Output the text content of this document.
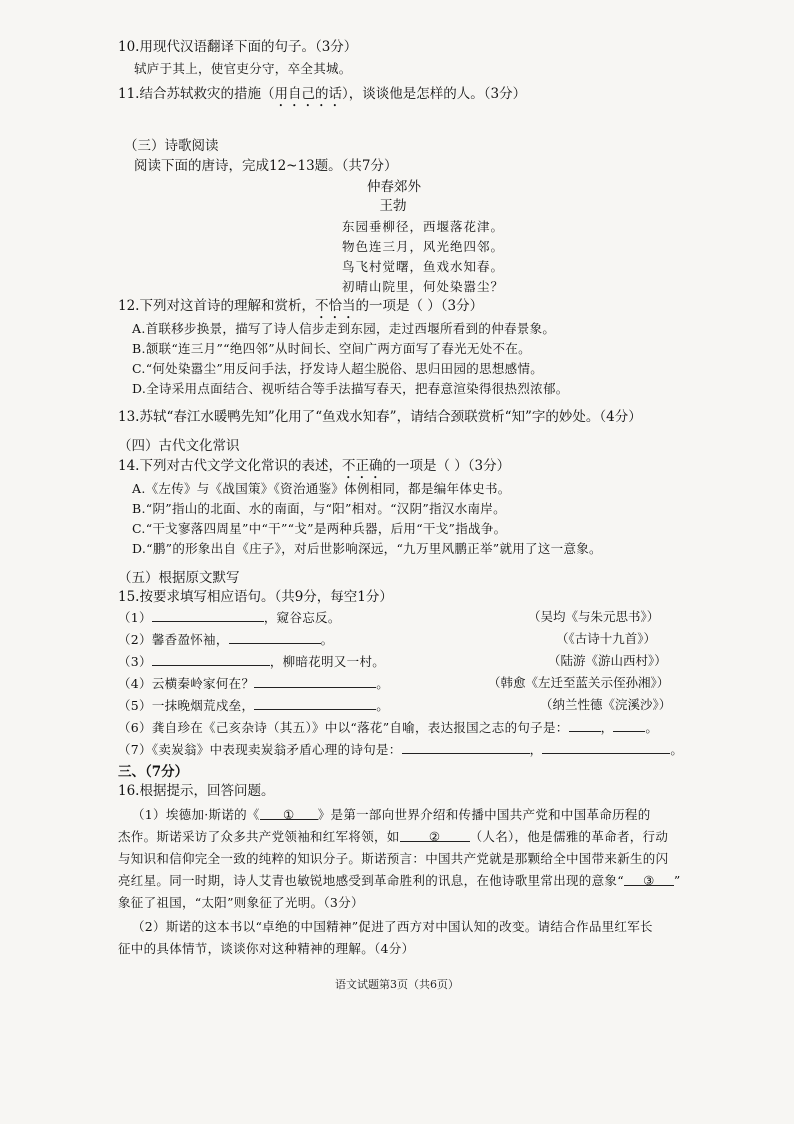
10.用现代汉语翻译下面的句子。（3分）
轼庐于其上，使官吏分守，卒全其城。
11.结合苏轼救灾的措施（用自己的话），谈谈他是怎样的人。（3分）
（三）诗歌阅读
阅读下面的唐诗，完成12~13题。（共7分）
仲春郊外
王勃
东园垂柳径，西堰落花津。
物色连三月，风光绝四邻。
鸟飞村觉曙，鱼戏水知春。
初晴山院里，何处染嚣尘？
12.下列对这首诗的理解和赏析，不恰当的一项是（ ）（3分）
A.首联移步换景，描写了诗人信步走到东园，走过西堰所看到的仲春景象。
B.颔联“连三月”“绝四邻”从时间长、空间广两方面写了春光无处不在。
C.“何处染嚣尘”用反问手法，抒发诗人超尘脱俗、思归田园的思想感情。
D.全诗采用点面结合、视听结合等手法描写春天，把春意渲染得很热烈浓郁。
13.苏轼“春江水暖鸭先知”化用了“鱼戏水知春”，请结合颈联赏析“知”字的妙处。（4分）
（四）古代文化常识
14.下列对古代文学文化常识的表述，不正确的一项是（ ）（3分）
A.《左传》与《战国策》《资治通鉴》体例相同，都是编年体史书。
B.“阴”指山的北面、水的南面，与“阳”相对。“汉阴”指汉水南岸。
C.“干戈寥落四周星”中“干”“戈”是两种兵器，后用“干戈”指战争。
D.“鹏”的形象出自《庄子》，对后世影响深远，“九万里风鹏正举”就用了这一意象。
（五）根据原文默写
15.按要求填写相应语句。（共9分，每空1分）
（1）	，窥谷忘反。	（吴均《与朱元思书》）
（2）馨香盈怀袖，	。	（《古诗十九首》）
（3）	，柳暗花明又一村。	（陆游《游山西村》）
（4）云横秦岭家何在？	。	（韩愈《左迁至蓝关示侄孙湘》）
（5）一抹晚烟荒戍垒，	。	（纳兰性德《浣溪沙》）
（6）龚自珍在《己亥杂诗（其五）》中以“落花”自喻，表达报国之志的句子是：	，	。
（7）《卖炭翁》中表现卖炭翁矛盾心理的诗句是：	，	。
三、（7分）
16.根据提示，回答问题。
（1）埃德加·斯诺的《 ① 》是第一部向世界介绍和传播中国共产党和中国革命历程的
杰作。斯诺采访了众多共产党领袖和红军将领，如 ② （人名），他是儒雅的革命者，行动
与知识和信仰完全一致的纯粹的知识分子。斯诺预言：中国共产党就是那颗给全中国带来新生的闪
亮红星。同一时期，诗人艾青也敏锐地感受到革命胜利的讯息，在他诗歌里常出现的意象“ ③ ”
象征了祖国，“太阳”则象征了光明。（3分）
（2）斯诺的这本书以“卓绝的中国精神”促进了西方对中国认知的改变。请结合作品里红军长
征中的具体情节，谈谈你对这种精神的理解。（4分）
语文试题第3页（共6页）
